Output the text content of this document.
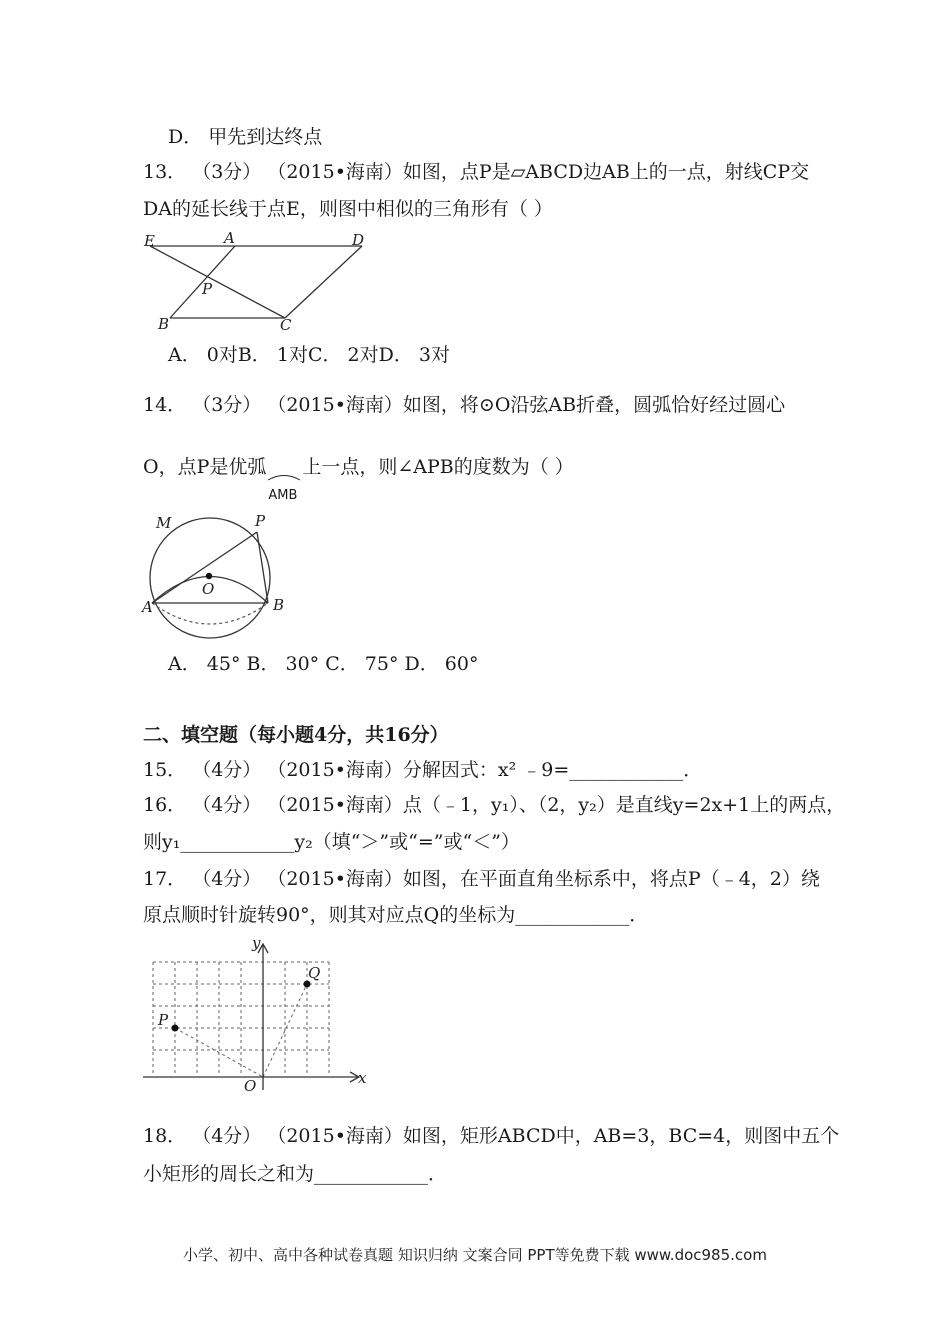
D． 甲先到达终点
13． （3分） （2015•海南）如图，点P是▱ABCD边AB上的一点，射线CP交
DA的延长线于点E，则图中相似的三角形有（ ）
E	A	D
P
B	C
A． 0对B． 1对C． 2对D． 3对
14． （3分） （2015•海南）如图，将⊙O沿弦AB折叠，圆弧恰好经过圆心
O，点P是优弧
AMB
上一点，则∠APB的度数为（ ）
M	P
O
A	B
A． 45° B． 30° C． 75° D． 60°
二、填空题（每小题4分，共16分）
15． （4分） （2015•海南）分解因式：x² ﹣9=____________．
16． （4分） （2015•海南）点（﹣1，y₁）、（2，y₂）是直线y=2x+1上的两点，
则y₁____________y₂（填“＞”或“=”或“＜”）
17． （4分） （2015•海南）如图，在平面直角坐标系中，将点P（﹣4，2）绕
原点顺时针旋转90°，则其对应点Q的坐标为____________．
y
x
O
P
Q
18． （4分） （2015•海南）如图，矩形ABCD中，AB=3，BC=4，则图中五个
小矩形的周长之和为____________．
小学、初中、高中各种试卷真题 知识归纳 文案合同 PPT等免费下载 www.doc985.com
